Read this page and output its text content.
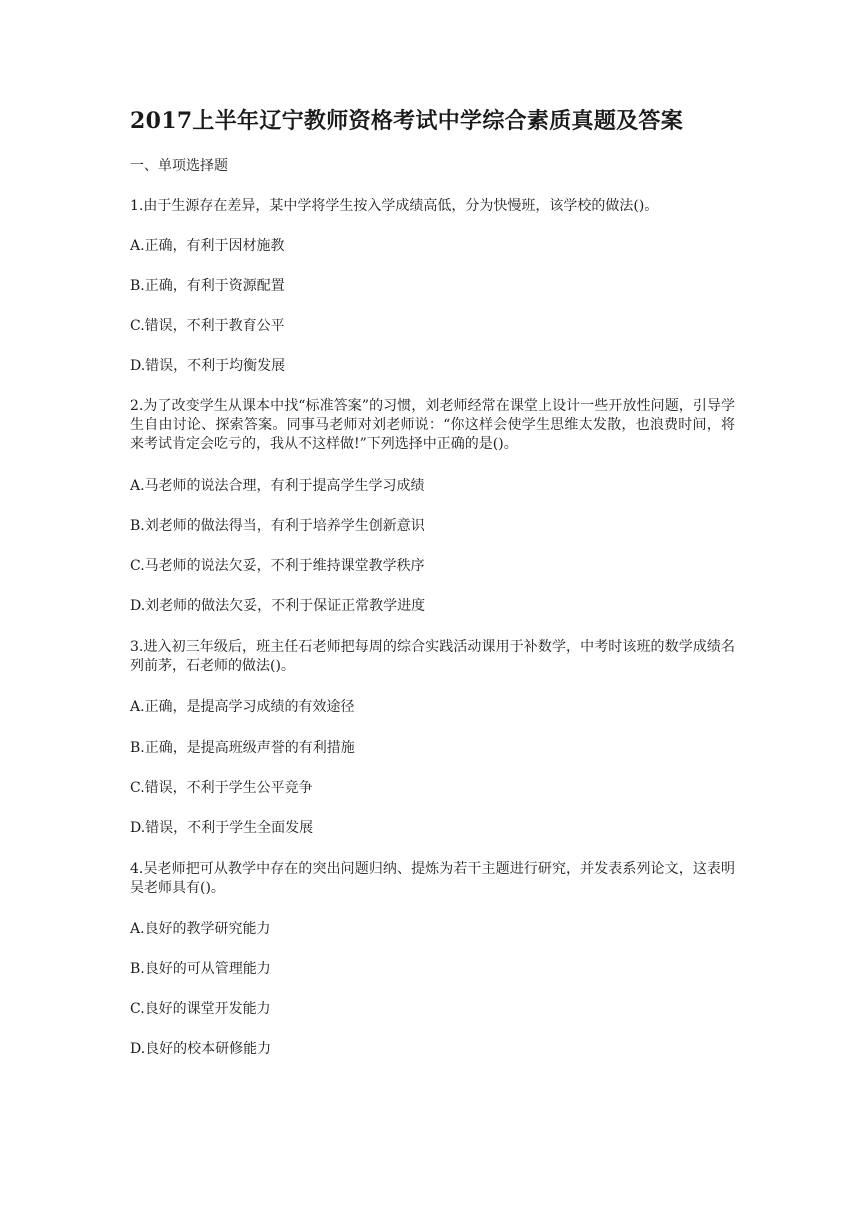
2017上半年辽宁教师资格考试中学综合素质真题及答案
一、单项选择题
1.由于生源存在差异，某中学将学生按入学成绩高低，分为快慢班，该学校的做法()。
A.正确，有利于因材施教
B.正确，有利于资源配置
C.错误，不利于教育公平
D.错误，不利于均衡发展
2.为了改变学生从课本中找“标准答案”的习惯，刘老师经常在课堂上设计一些开放性问题，引导学生自由讨论、探索答案。同事马老师对刘老师说：“你这样会使学生思维太发散，也浪费时间，将来考试肯定会吃亏的，我从不这样做!”下列选择中正确的是()。
A.马老师的说法合理，有利于提高学生学习成绩
B.刘老师的做法得当，有利于培养学生创新意识
C.马老师的说法欠妥，不利于维持课堂教学秩序
D.刘老师的做法欠妥，不利于保证正常教学进度
3.进入初三年级后，班主任石老师把每周的综合实践活动课用于补数学，中考时该班的数学成绩名列前茅，石老师的做法()。
A.正确，是提高学习成绩的有效途径
B.正确，是提高班级声誉的有利措施
C.错误，不利于学生公平竞争
D.错误，不利于学生全面发展
4.吴老师把可从教学中存在的突出问题归纳、提炼为若干主题进行研究，并发表系列论文，这表明吴老师具有()。
A.良好的教学研究能力
B.良好的可从管理能力
C.良好的课堂开发能力
D.良好的校本研修能力
